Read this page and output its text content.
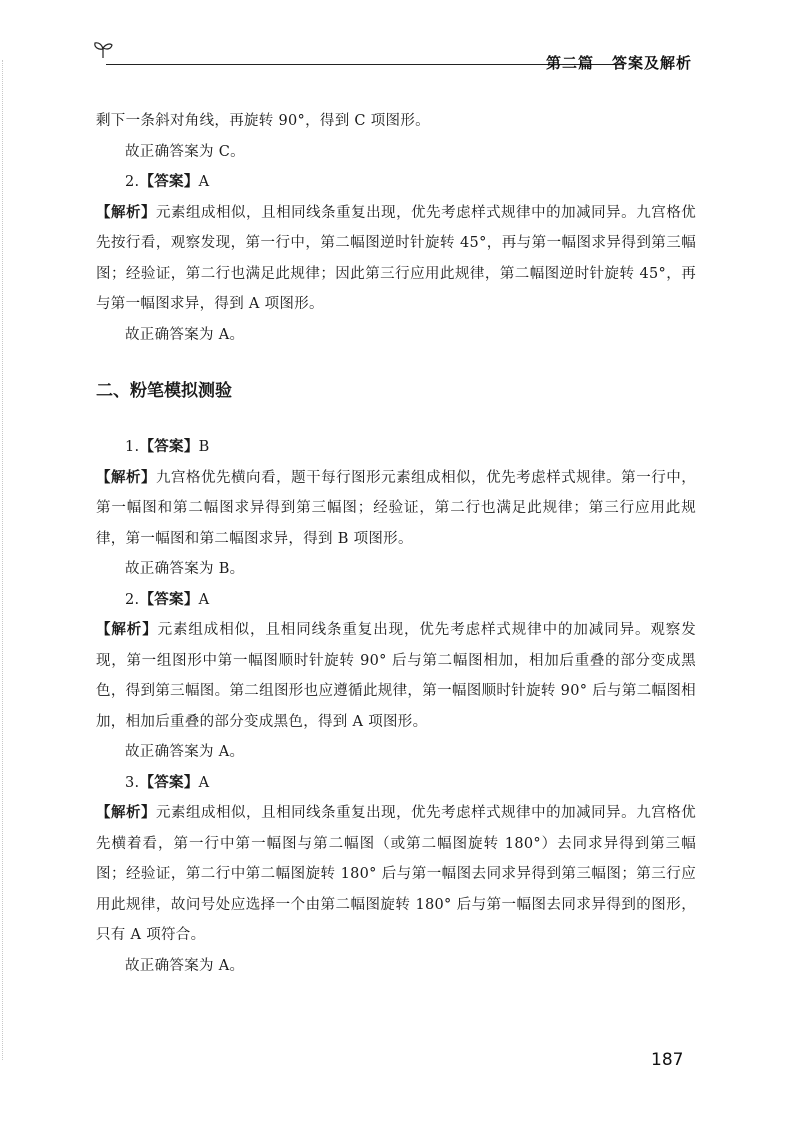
第二篇 答案及解析

剩下一条斜对角线，再旋转 90°，得到 C 项图形。

故正确答案为 C。

2.【答案】A

【解析】元素组成相似，且相同线条重复出现，优先考虑样式规律中的加减同异。九宫格优先按行看，观察发现，第一行中，第二幅图逆时针旋转 45°，再与第一幅图求异得到第三幅图；经验证，第二行也满足此规律；因此第三行应用此规律，第二幅图逆时针旋转 45°，再与第一幅图求异，得到 A 项图形。

故正确答案为 A。

二、粉笔模拟测验

1.【答案】B

【解析】九宫格优先横向看，题干每行图形元素组成相似，优先考虑样式规律。第一行中，第一幅图和第二幅图求异得到第三幅图；经验证，第二行也满足此规律；第三行应用此规律，第一幅图和第二幅图求异，得到 B 项图形。

故正确答案为 B。

2.【答案】A

【解析】元素组成相似，且相同线条重复出现，优先考虑样式规律中的加减同异。观察发现，第一组图形中第一幅图顺时针旋转 90° 后与第二幅图相加，相加后重叠的部分变成黑色，得到第三幅图。第二组图形也应遵循此规律，第一幅图顺时针旋转 90° 后与第二幅图相加，相加后重叠的部分变成黑色，得到 A 项图形。

故正确答案为 A。

3.【答案】A

【解析】元素组成相似，且相同线条重复出现，优先考虑样式规律中的加减同异。九宫格优先横着看，第一行中第一幅图与第二幅图（或第二幅图旋转 180°）去同求异得到第三幅图；经验证，第二行中第二幅图旋转 180° 后与第一幅图去同求异得到第三幅图；第三行应用此规律，故问号处应选择一个由第二幅图旋转 180° 后与第一幅图去同求异得到的图形，只有 A 项符合。

故正确答案为 A。

187
